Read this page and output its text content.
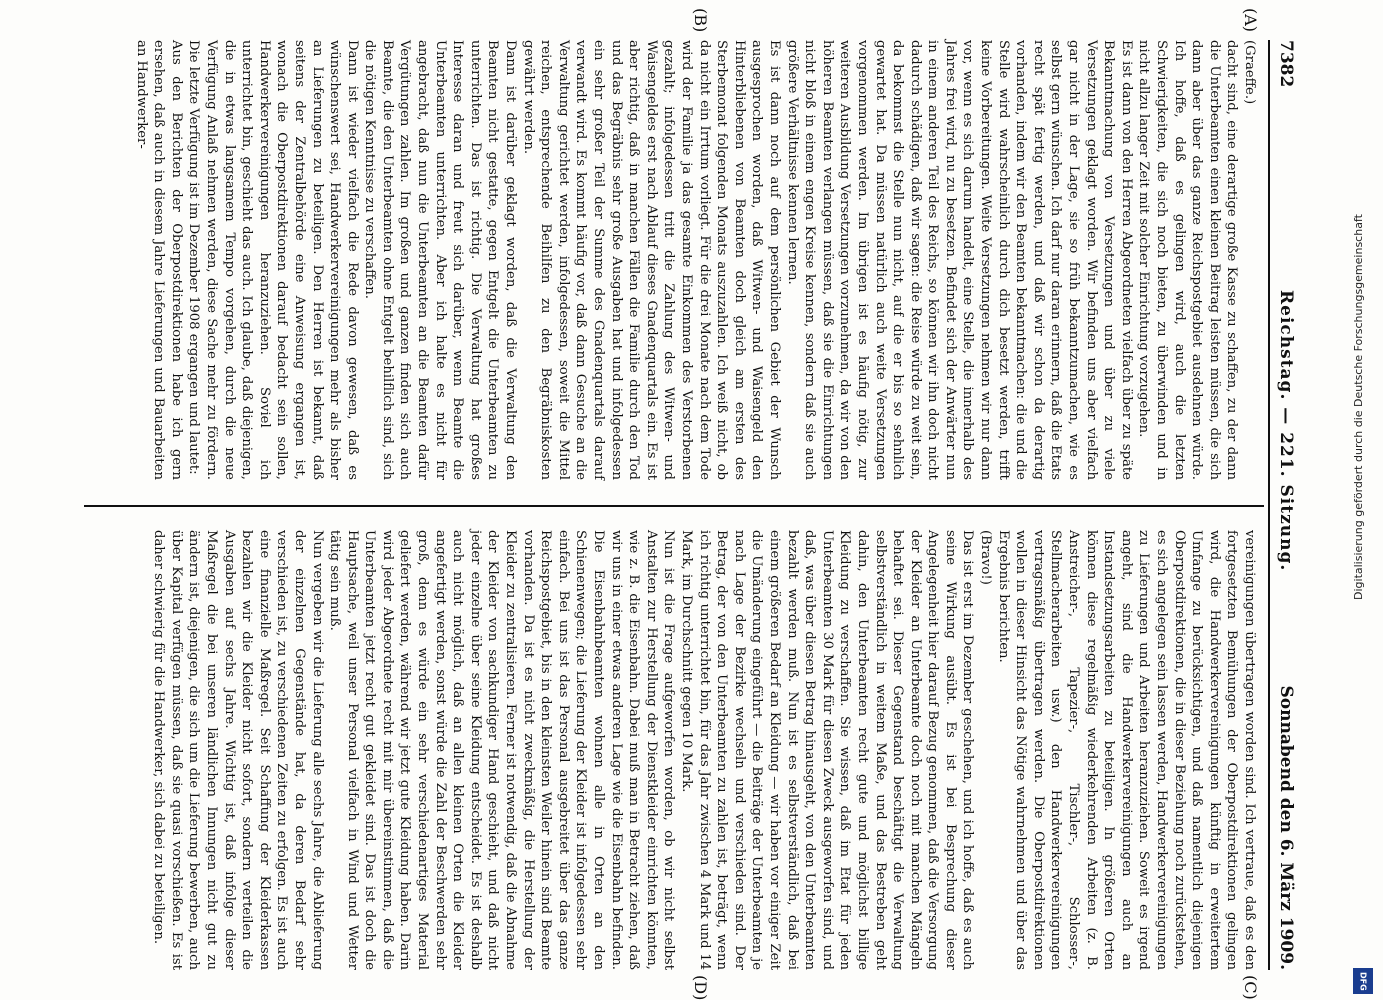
7382
Reichstag. — 221. Sitzung.
Sonnabend den 6. März 1909.
(Graeffe.)
dacht sind, eine derartige große Kasse zu schaffen, zu der dann die Unterbeamten einen kleinen Beitrag leisten müssen, die sich dann aber über das ganze Reichspostgebiet ausdehnen würde. Ich hoffe, daß es gelingen wird, auch die letzten Schwierigkeiten, die sich noch bieten, zu überwinden und in nicht allzu langer Zeit mit solcher Einrichtung vorzugehen.
Es ist dann von den Herren Abgeordneten vielfach über zu späte Bekanntmachung von Versetzungen und über zu viele Versetzungen geklagt worden. Wir befinden uns aber vielfach gar nicht in der Lage, sie so früh bekanntzumachen, wie es selbst gern wünschen. Ich darf nur daran erinnern, daß die Etats recht spät fertig werden, und daß wir schon da derartig vorhanden, indem wir den Beamten bekanntmachen: die und die Stelle wird wahrscheinlich durch dich besetzt werden, trifft keine Vorbereitungen. Weite Versetzungen nehmen wir nur dann vor, wenn es sich darum handelt, eine Stelle, die innerhalb des Jahres frei wird, nu zu besetzen. Befindet sich der Anwärter nun in einem anderen Teil des Reichs, so können wir ihn doch nicht dadurch schädigen, daß wir sagen: die Reise würde zu weit sein, da bekommst die Stelle nun nicht, auf die er bis so sehnlich gewartet hat. Da müssen natürlich auch weite Versetzungen vorgenommen werden. Im übrigen ist es häufig nötig, zur weiteren Ausbildung Versetzungen vorzunehmen, da wir von den höheren Beamten verlangen müssen, daß sie die Einrichtungen nicht bloß in einem engen Kreise kennen, sondern daß sie auch größere Verhältnisse kennen lernen.
Es ist dann noch auf dem persönlichen Gebiet der Wunsch ausgesprochen worden, daß Witwen- und Waisengeld den Hinterbliebenen von Beamten doch gleich am ersten des Sterbemonat folgenden Monats auszuzahlen. Ich weiß nicht, ob da nicht ein Irrtum vorliegt. Für die drei Monate nach dem Tode wird der Familie ja das gesamte Einkommen des Verstorbenen gezahlt; infolgedessen tritt die Zahlung des Witwen- und Waisengeldes erst nach Ablauf dieses Gnadenquartals ein. Es ist aber richtig, daß in manchen Fällen die Familie durch den Tod und das Begräbnis sehr große Ausgaben hat und infolgedessen ein sehr großer Teil der Summe des Gnadenquartals darauf verwandt wird. Es kommt häufig vor, daß dann Gesuche an die Verwaltung gerichtet werden, infolgedessen, soweit die Mittel reichen, entsprechende Beihilfen zu den Begräbniskosten gewährt werden.
Dann ist darüber geklagt worden, daß die Verwaltung den Beamten nicht gestatte, gegen Entgelt die Unterbeamten zu unterrichten. Das ist richtig. Die Verwaltung hat großes Interesse daran und freut sich darüber, wenn Beamte die Unterbeamten unterrichten. Aber ich halte es nicht für angebracht, daß nun die Unterbeamten an die Beamten dafür Vergütungen zahlen. Im großen und ganzen finden sich auch Beamte, die den Unterbeamten ohne Entgelt behilflich sind, sich die nötigen Kenntnisse zu verschaffen.
Dann ist wieder vielfach die Rede davon gewesen, daß es wünschenswert sei, Handwerkervereinigungen mehr als bisher an Lieferungen zu beteiligen. Den Herren ist bekannt, daß seitens der Zentralbehörde eine Anweisung ergangen ist, wonach die Oberpostdirektionen darauf bedacht sein sollen, Handwerkervereinigungen heranzuziehen. Soviel ich unterrichtet bin, geschieht das auch. Ich glaube, daß diejenigen, die in etwas langsamem Tempo vorgehen, durch die neue Verfügung Anlaß nehmen werden, diese Sache mehr zu fördern. Die letzte Verfügung ist im Dezember 1908 ergangen und lautet:
Aus den Berichten der Oberpostdirektionen habe ich gern ersehen, daß auch in diesem Jahre Lieferungen und Bauarbeiten an Handwerker-
vereinigungen übertragen worden sind. Ich vertraue, daß es den fortgesetzten Bemühungen der Oberpostdirektionen gelingen wird, die Handwerkervereinigungen künftig in erweitertem Umfange zu berücksichtigen, und daß namentlich diejenigen Oberpostdirektionen, die in dieser Beziehung noch zurückstehen, es sich angelegen sein lassen werden, Handwerkervereinigungen zu Lieferungen und Arbeiten heranzuziehen. Soweit es irgend angeht, sind die Handwerkervereinigungen auch an Instandsetzungsarbeiten zu beteiligen. In größeren Orten können diese regelmäßig wiederkehrenden Arbeiten (z. B. Anstreicher-, Tapezier-, Tischler-, Schlosser-, Stellmacherarbeiten usw.) den Handwerkervereinigungen vertragsmäßig übertragen werden. Die Oberpostdirektionen wollen in dieser Hinsicht das Nötige wahrnehmen und über das Ergebnis berichten.
(Bravo!)
Das ist erst im Dezember geschehen, und ich hoffe, daß es auch seine Wirkung ausübt. Es ist bei Besprechung dieser Angelegenheit hier darauf Bezug genommen, daß die Versorgung der Kleider an Unterbeamte doch noch mit manchen Mängeln behaftet sei. Dieser Gegenstand beschäftigt die Verwaltung selbstverständlich in weitem Maße, und das Bestreben geht dahin, den Unterbeamten recht gute und möglichst billige Kleidung zu verschaffen. Sie wissen, daß im Etat für jeden Unterbeamten 30 Mark für diesen Zweck ausgeworfen sind, und daß, was über diesen Betrag hinausgeht, von den Unterbeamten bezahlt werden muß. Nun ist es selbstverständlich, daß bei einem größeren Bedarf an Kleidung — wir haben vor einiger Zeit die Umänderung eingeführt — die Beiträge der Unterbeamten je nach Lage der Bezirke wechseln und verschieden sind. Der Betrag, der von den Unterbeamten zu zahlen ist, beträgt, wenn ich richtig unterrichtet bin, für das Jahr zwischen 4 Mark und 14 Mark, im Durchschnitt gegen 10 Mark.
Nun ist die Frage aufgeworfen worden, ob wir nicht selbst Anstalten zur Herstellung der Dienstkleider einrichten könnten, wie z. B. die Eisenbahn. Dabei muß man in Betracht ziehen, daß wir uns in einer etwas anderen Lage wie die Eisenbahn befinden. Die Eisenbahnbeamten wohnen alle in Orten an den Schienenwegen; die Lieferung der Kleider ist infolgedessen sehr einfach. Bei uns ist das Personal ausgebreitet über das ganze Reichspostgebiet, bis in den kleinsten Weiler hinein sind Beamte vorhanden. Da ist es nicht zweckmäßig, die Herstellung der Kleider zu zentralisieren. Ferner ist notwendig, daß die Abnahme der Kleider von sachkundiger Hand geschieht, und daß nicht jeder einzelne über seine Kleidung entscheidet. Es ist deshalb auch nicht möglich, daß an allen kleinen Orten die Kleider angefertigt werden, sonst würde die Zahl der Beschwerden sehr groß, denn es würde ein sehr verschiedenartiges Material geliefert werden, während wir jetzt gute Kleidung haben. Darin wird jeder Abgeordnete recht mit mir übereinstimmen, daß die Unterbeamten jetzt recht gut gekleidet sind. Das ist doch die Hauptsache, weil unser Personal vielfach in Wind und Wetter tätig sein muß.
Nun vergeben wir die Lieferung alle sechs Jahre, die Ablieferung der einzelnen Gegenstände hat, da deren Bedarf sehr verschieden ist, zu verschiedenen Zeiten zu erfolgen. Es ist auch eine finanzielle Maßregel. Seit Schaffung der Kleiderkassen bezahlen wir die Kleider nicht sofort, sondern verteilen die Ausgaben auf sechs Jahre. Wichtig ist, daß infolge dieser Maßregel die bei unseren ländlichen Innungen nicht gut zu ändern ist, diejenigen, die sich um die Lieferung bewerben, auch über Kapital verfügen müssen, daß sie quasi vorschießen. Es ist daher schwierig für die Handwerker, sich dabei zu beteiligen.
(A)
(B)
(C)
(D)
Digitalisierung gefördert durch die Deutsche Forschungsgemeinschaft
DFG
